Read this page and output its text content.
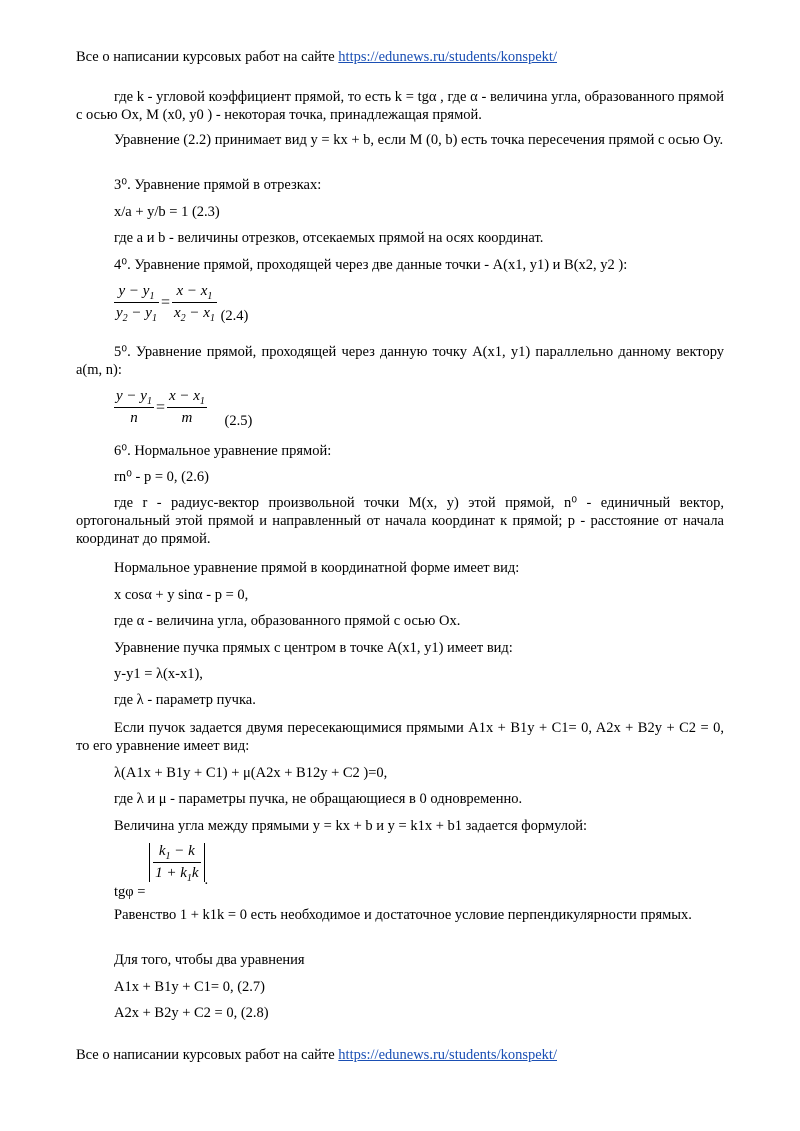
Все о написании курсовых работ на сайте https://edunews.ru/students/konspekt/
где k - угловой коэффициент прямой, то есть k = tgα , где α - величина угла, образованного прямой с осью Ох, М (x0, y0 ) - некоторая точка, принадлежащая прямой.
Уравнение (2.2) принимает вид y = kx + b, если М (0, b) есть точка пересечения прямой с осью Оу.
3⁰. Уравнение прямой в отрезках:
x/a + y/b = 1 (2.3)
где a и b - величины отрезков, отсекаемых прямой на осях координат.
4⁰. Уравнение прямой, проходящей через две данные точки - А(х1, у1) и В(х2, у2 ):
$\frac{y - y_1}{y_2 - y_1} = \frac{x - x_1}{x_2 - x_1} (2.4)$
5⁰. Уравнение прямой, проходящей через данную точку А(х1, у1) параллельно данному вектору a(m, n):
$\frac{y - y_1}{n} = \frac{x - x_1}{m} (2.5)$
6⁰. Нормальное уравнение прямой:
rn⁰ - p = 0, (2.6)
где r - радиус-вектор произвольной точки М(х, у) этой прямой, n⁰ - единичный вектор, ортогональный этой прямой и направленный от начала координат к прямой; р - расстояние от начала координат до прямой.
Нормальное уравнение прямой в координатной форме имеет вид:
x cosα + y sinα - p = 0,
где α - величина угла, образованного прямой с осью Ох.
Уравнение пучка прямых с центром в точке А(х1, у1) имеет вид:
y-y1 = λ(x-x1),
где λ - параметр пучка.
Если пучок задается двумя пересекающимися прямыми A1x + B1y + C1= 0, A2x + B2y + C2 = 0, то его уравнение имеет вид:
λ(A1x + B1y + C1) + μ(A2x + B12y + C2 )=0,
где λ и μ - параметры пучка, не обращающиеся в 0 одновременно.
Величина угла между прямыми y = kx + b и y = k1x + b1 задается формулой:
tgφ =
$\frac{k_1 - k}{1 + k_1k}$ .
Равенство 1 + k1k = 0 есть необходимое и достаточное условие перпендикулярности прямых.
Для того, чтобы два уравнения
A1x + B1y + C1= 0, (2.7)
A2x + B2y + C2 = 0, (2.8)
Все о написании курсовых работ на сайте https://edunews.ru/students/konspekt/
